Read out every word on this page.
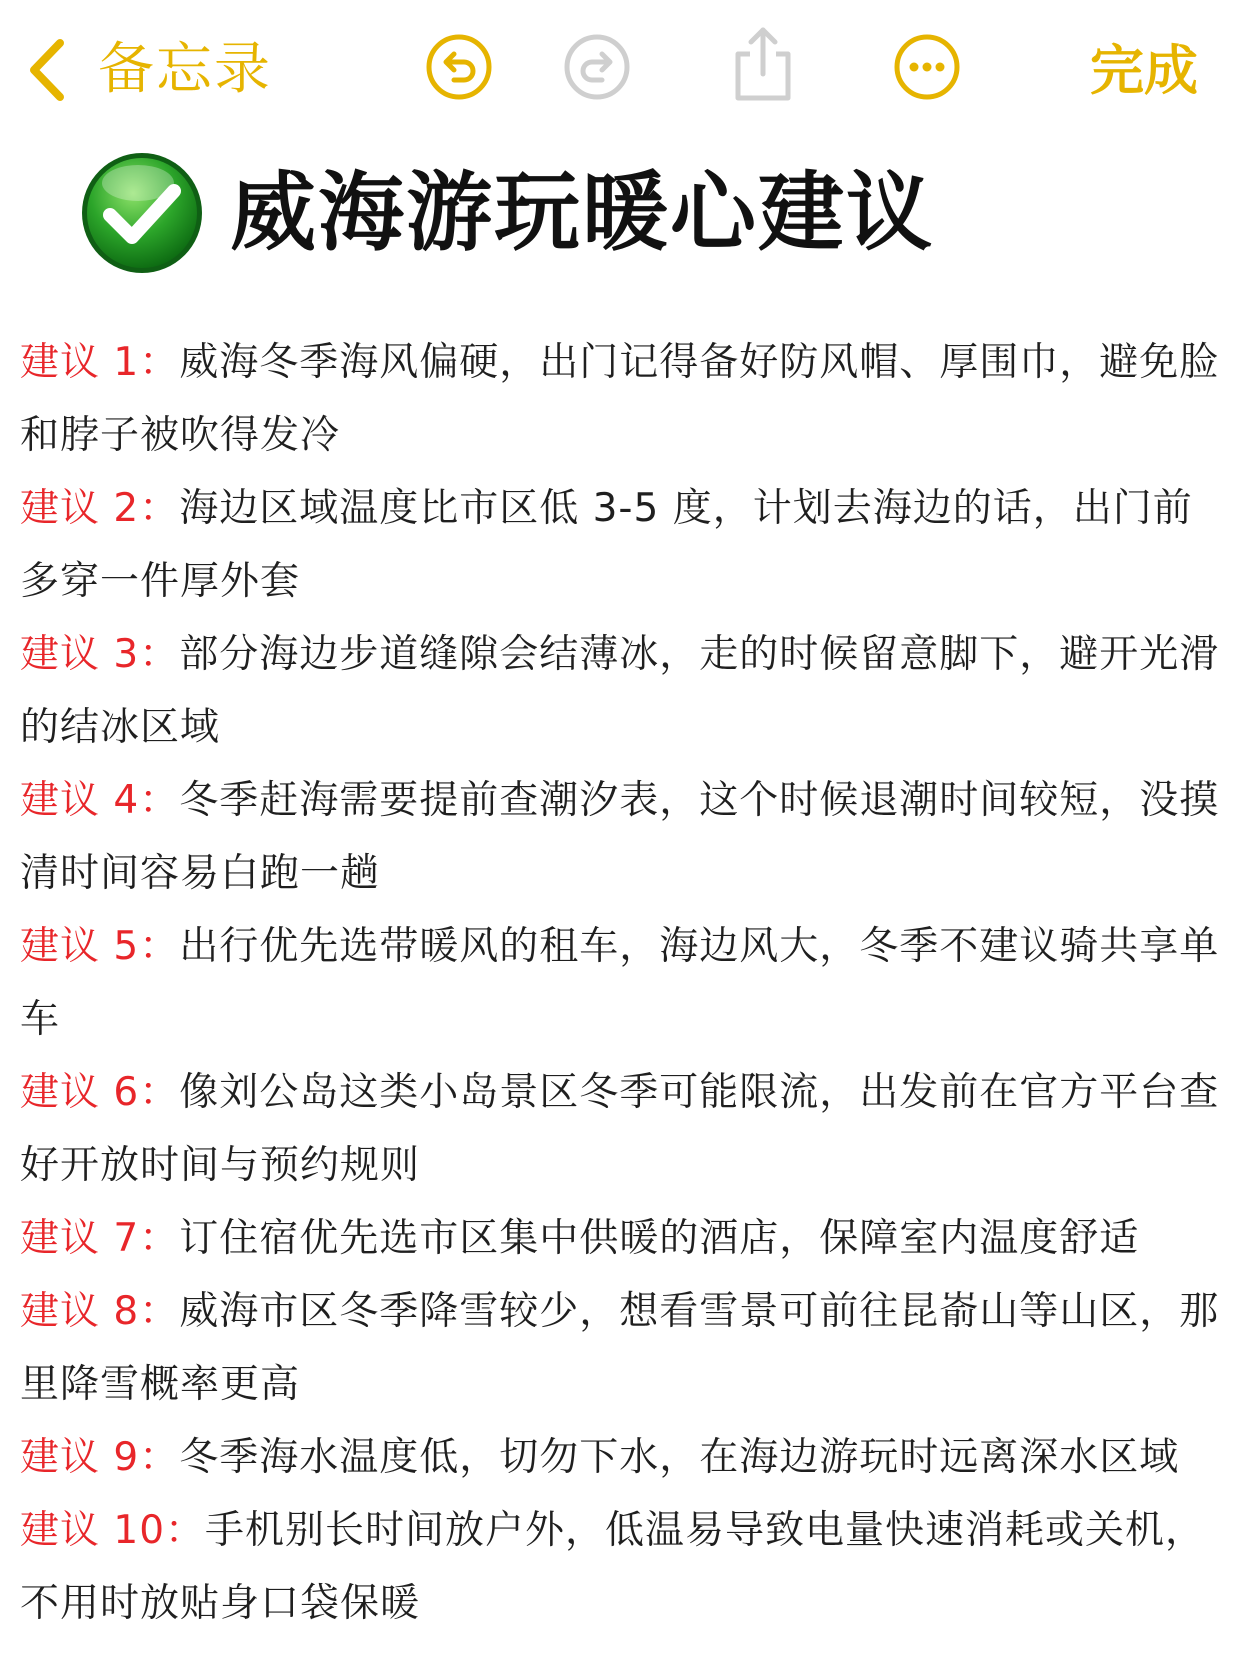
备忘录	完成
威海游玩暖心建议
建议 1：威海冬季海风偏硬，出门记得备好防风帽、厚围巾，避免脸和脖子被吹得发冷
建议 2：海边区域温度比市区低 3-5 度，计划去海边的话，出门前多穿一件厚外套
建议 3：部分海边步道缝隙会结薄冰，走的时候留意脚下，避开光滑的结冰区域
建议 4：冬季赶海需要提前查潮汐表，这个时候退潮时间较短，没摸清时间容易白跑一趟
建议 5：出行优先选带暖风的租车，海边风大，冬季不建议骑共享单车
建议 6：像刘公岛这类小岛景区冬季可能限流，出发前在官方平台查好开放时间与预约规则
建议 7：订住宿优先选市区集中供暖的酒店，保障室内温度舒适
建议 8：威海市区冬季降雪较少，想看雪景可前往昆嵛山等山区，那里降雪概率更高
建议 9：冬季海水温度低，切勿下水，在海边游玩时远离深水区域
建议 10：手机别长时间放户外，低温易导致电量快速消耗或关机，不用时放贴身口袋保暖
